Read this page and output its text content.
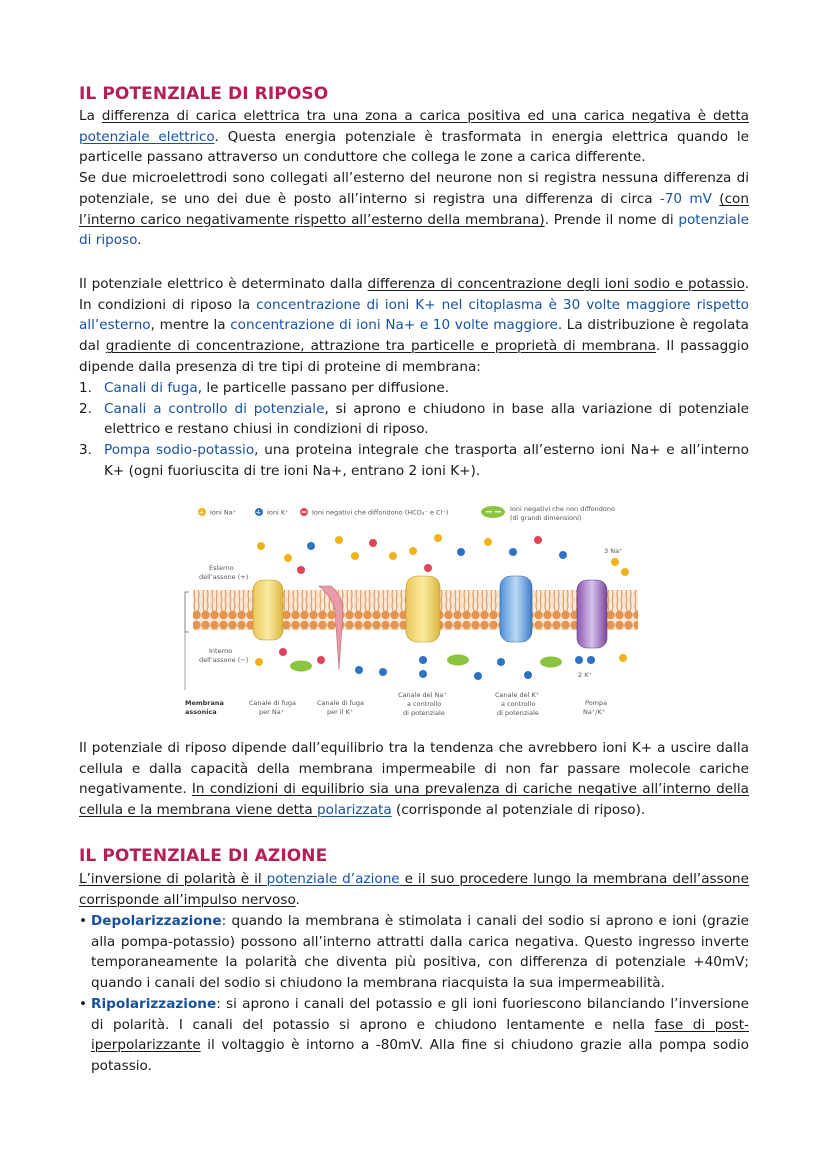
IL POTENZIALE DI RIPOSO

La differenza di carica elettrica tra una zona a carica positiva ed una carica negativa è detta potenziale elettrico. Questa energia potenziale è trasformata in energia elettrica quando le particelle passano attraverso un conduttore che collega le zone a carica differente.
Se due microelettrodi sono collegati all’esterno del neurone non si registra nessuna differenza di potenziale, se uno dei due è posto all’interno si registra una differenza di circa -70 mV (con l’interno carico negativamente rispetto all’esterno della membrana). Prende il nome di potenziale di riposo.

Il potenziale elettrico è determinato dalla differenza di concentrazione degli ioni sodio e potassio. In condizioni di riposo la concentrazione di ioni K+ nel citoplasma è 30 volte maggiore rispetto all’esterno, mentre la concentrazione di ioni Na+ e 10 volte maggiore. La distribuzione è regolata dal gradiente di concentrazione, attrazione tra particelle e proprietà di membrana. Il passaggio dipende dalla presenza di tre tipi di proteine di membrana:

1. Canali di fuga, le particelle passano per diffusione.
2. Canali a controllo di potenziale, si aprono e chiudono in base alla variazione di potenziale elettrico e restano chiusi in condizioni di riposo.
3. Pompa sodio-potassio, una proteina integrale che trasporta all’esterno ioni Na+ e all’interno K+ (ogni fuoriuscita di tre ioni Na+, entrano 2 ioni K+).
+ Ioni Na⁺	+ Ioni K⁺	Ioni negativi che diffondono (HCO₃⁻ e Cl⁻)	Ioni negativi che non diffondono
(di grandi dimensioni)
Esterno
dell’assone (+)
Interno
dell’assone (−)
3 Na⁺
2 K⁺
Membrana
assonica
Canale di fuga
per Na⁺
Canale di fuga
per il K⁺
Canale del Na⁺
a controllo
di potenziale
Canale del K⁺
a controllo
di potenziale
Pompa
Na⁺/K⁺

Il potenziale di riposo dipende dall’equilibrio tra la tendenza che avrebbero ioni K+ a uscire dalla cellula e dalla capacità della membrana impermeabile di non far passare molecole cariche negativamente. In condizioni di equilibrio sia una prevalenza di cariche negative all’interno della cellula e la membrana viene detta polarizzata (corrisponde al potenziale di riposo).

IL POTENZIALE DI AZIONE

L’inversione di polarità è il potenziale d’azione e il suo procedere lungo la membrana dell’assone corrisponde all’impulso nervoso.

• Depolarizzazione: quando la membrana è stimolata i canali del sodio si aprono e ioni (grazie alla pompa-potassio) possono all’interno attratti dalla carica negativa. Questo ingresso inverte temporaneamente la polarità che diventa più positiva, con differenza di potenziale +40mV; quando i canali del sodio si chiudono la membrana riacquista la sua impermeabilità.
• Ripolarizzazione: si aprono i canali del potassio e gli ioni fuoriescono bilanciando l’inversione di polarità. I canali del potassio si aprono e chiudono lentamente e nella fase di post-iperpolarizzante il voltaggio è intorno a -80mV. Alla fine si chiudono grazie alla pompa sodio potassio.
